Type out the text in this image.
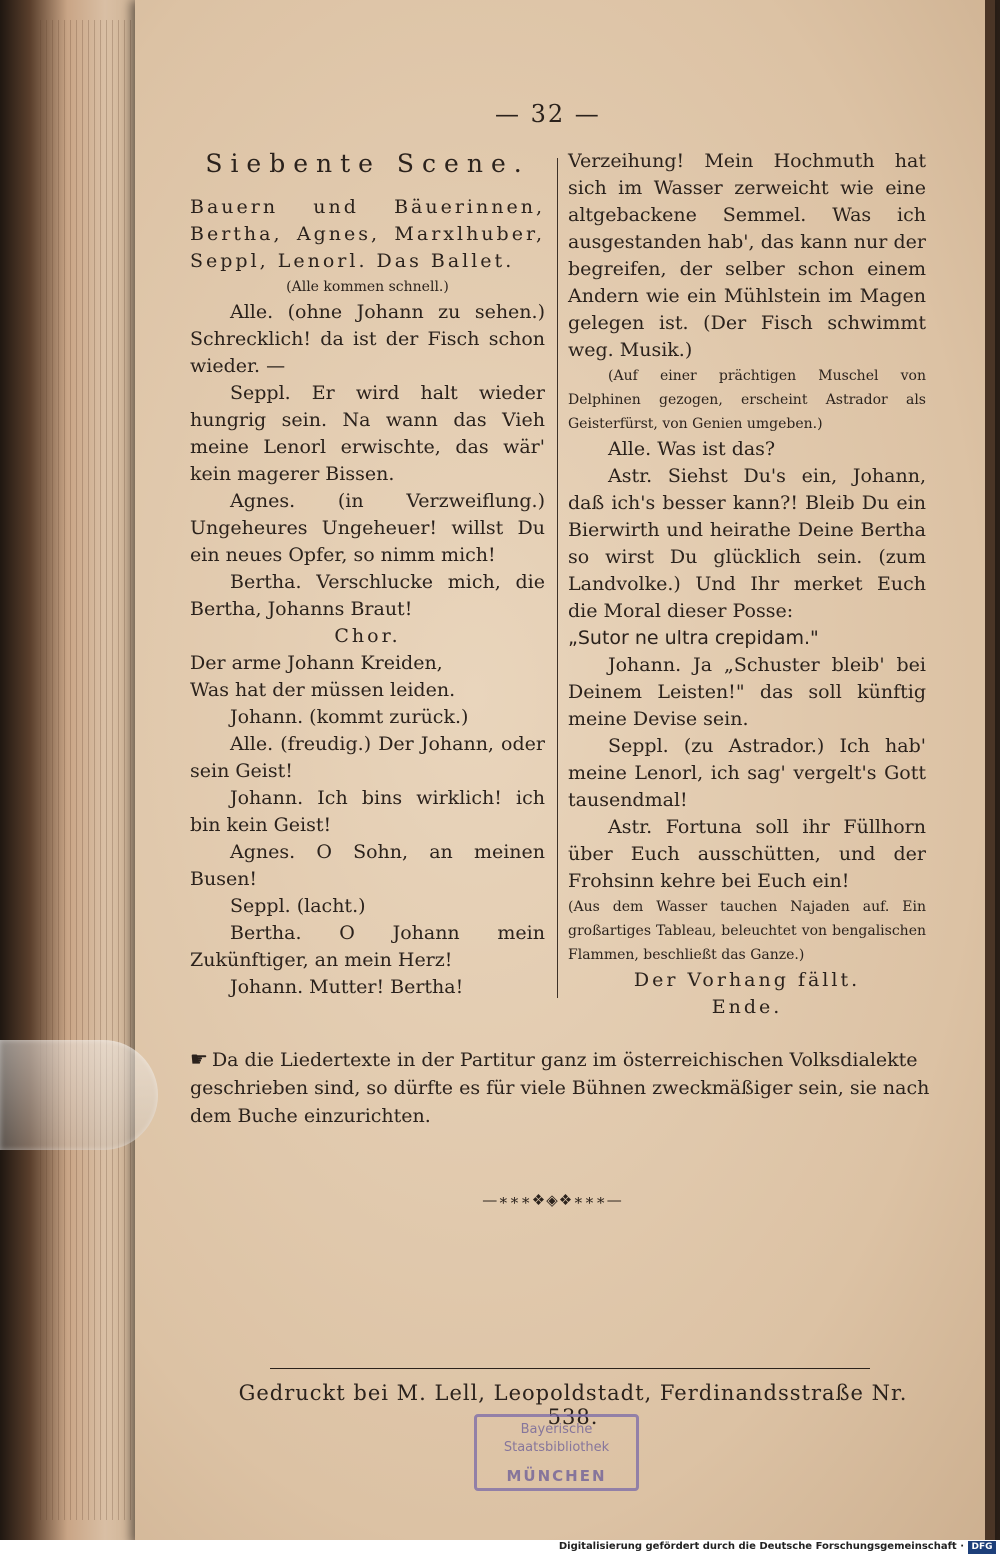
— 32 —

Siebente Scene.

Bauern und Bäuerinnen, Bertha, Agnes, Marxlhuber, Seppl, Lenorl. Das Ballet.

(Alle kommen schnell.)

Alle. (ohne Johann zu sehen.) Schrecklich! da ist der Fisch schon wieder. —

Seppl. Er wird halt wieder hungrig sein. Na wann das Vieh meine Lenorl erwischte, das wär' kein magerer Bissen.

Agnes. (in Verzweiflung.) Ungeheures Ungeheuer! willst Du ein neues Opfer, so nimm mich!

Bertha. Verschlucke mich, die Bertha, Johanns Braut!

Chor.

Der arme Johann Kreiden,

Was hat der müssen leiden.

Johann. (kommt zurück.)

Alle. (freudig.) Der Johann, oder sein Geist!

Johann. Ich bins wirklich! ich bin kein Geist!

Agnes. O Sohn, an meinen Busen!

Seppl. (lacht.)

Bertha. O Johann mein Zukünftiger, an mein Herz!

Johann. Mutter! Bertha!

Verzeihung! Mein Hochmuth hat sich im Wasser zerweicht wie eine altgebackene Semmel. Was ich ausgestanden hab', das kann nur der begreifen, der selber schon einem Andern wie ein Mühlstein im Magen gelegen ist. (Der Fisch schwimmt weg. Musik.)

(Auf einer prächtigen Muschel von Delphinen gezogen, erscheint Astrador als Geisterfürst, von Genien umgeben.)

Alle. Was ist das?

Astr. Siehst Du's ein, Johann, daß ich's besser kann?! Bleib Du ein Bierwirth und heirathe Deine Bertha so wirst Du glücklich sein. (zum Landvolke.) Und Ihr merket Euch die Moral dieser Posse:

„Sutor ne ultra crepidam."

Johann. Ja „Schuster bleib' bei Deinem Leisten!" das soll künftig meine Devise sein.

Seppl. (zu Astrador.) Ich hab' meine Lenorl, ich sag' vergelt's Gott tausendmal!

Astr. Fortuna soll ihr Füllhorn über Euch ausschütten, und der Frohsinn kehre bei Euch ein!

(Aus dem Wasser tauchen Najaden auf. Ein großartiges Tableau, beleuchtet von bengalischen Flammen, beschließt das Ganze.)

Der Vorhang fällt.

Ende.

☛ Da die Liedertexte in der Partitur ganz im österreichischen Volksdialekte geschrieben sind, so dürfte es für viele Bühnen zweckmäßiger sein, sie nach dem Buche einzurichten.
—∗∗∗❖◈❖∗∗∗—
Gedruckt bei M. Lell, Leopoldstadt, Ferdinandsstraße Nr. 538.
Bayerische
Staatsbibliothek
MÜNCHEN
Digitalisierung gefördert durch die Deutsche Forschungsgemeinschaft · DFG
